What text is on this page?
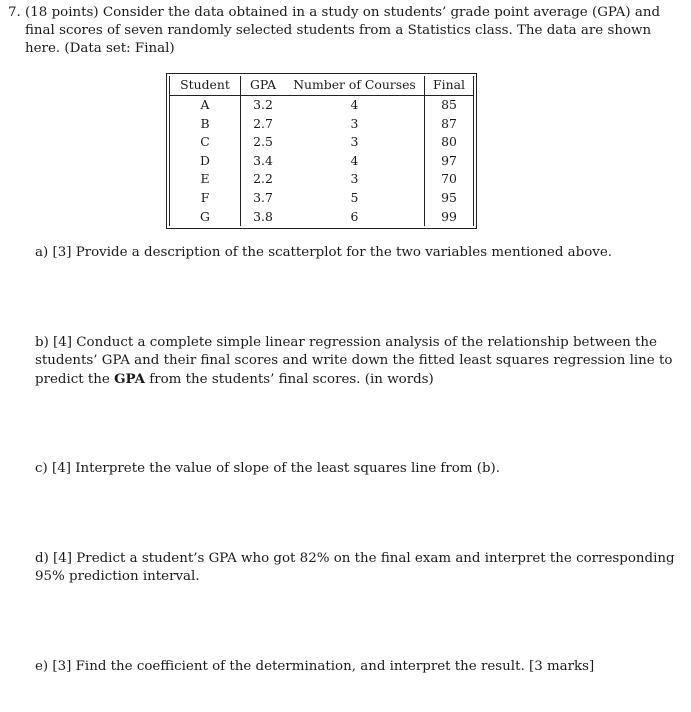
7. (18 points) Consider the data obtained in a study on students’ grade point average (GPA) and
final scores of seven randomly selected students from a Statistics class. The data are shown
here. (Data set: Final)
Student	GPA	Number of Courses	Final
A	3.2	4	85
B	2.7	3	87
C	2.5	3	80
D	3.4	4	97
E	2.2	3	70
F	3.7	5	95
G	3.8	6	99
a) [3] Provide a description of the scatterplot for the two variables mentioned above.
b) [4] Conduct a complete simple linear regression analysis of the relationship between the
students’ GPA and their final scores and write down the fitted least squares regression line to
predict the GPA from the students’ final scores. (in words)
c) [4] Interprete the value of slope of the least squares line from (b).
d) [4] Predict a student’s GPA who got 82% on the final exam and interpret the corresponding
95% prediction interval.
e) [3] Find the coefficient of the determination, and interpret the result. [3 marks]
